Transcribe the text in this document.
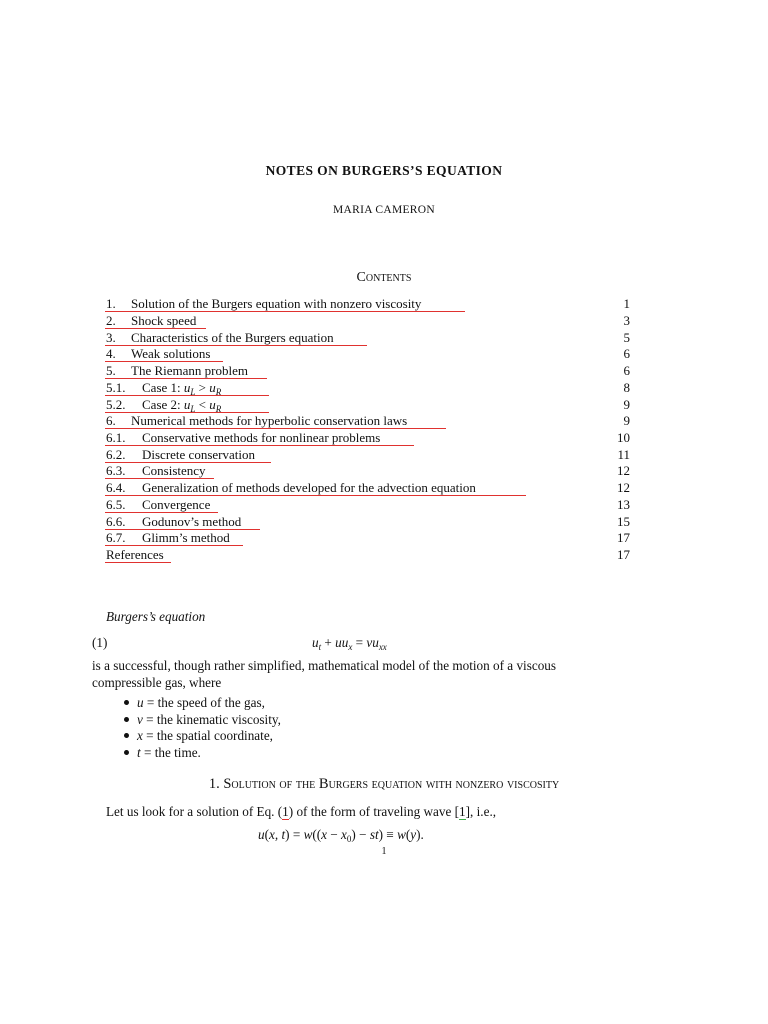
NOTES ON BURGERS’S EQUATION
MARIA CAMERON
Contents
1. Solution of the Burgers equation with nonzero viscosity	1
2. Shock speed	3
3. Characteristics of the Burgers equation	5
4. Weak solutions	6
5. The Riemann problem	6
5.1. Case 1: $u_L > u_R$	8
5.2. Case 2: $u_L < u_R$	9
6. Numerical methods for hyperbolic conservation laws	9
6.1. Conservative methods for nonlinear problems	10
6.2. Discrete conservation	11
6.3. Consistency	12
6.4. Generalization of methods developed for the advection equation	12
6.5. Convergence	13
6.6. Godunov’s method	15
6.7. Glimm’s method	17
References	17
Burgers’s equation
(1)	$u_t + uu_x = \nu u_{xx}$
is a successful, though rather simplified, mathematical model of the motion of a viscous
compressible gas, where
u = the speed of the gas,
ν = the kinematic viscosity,
x = the spatial coordinate,
t = the time.
1. Solution of the Burgers equation with nonzero viscosity
Let us look for a solution of Eq. (1) of the form of traveling wave [1], i.e.,
u(x, $t) = w((x - x_0) - st) \equiv w(y)$.
1
